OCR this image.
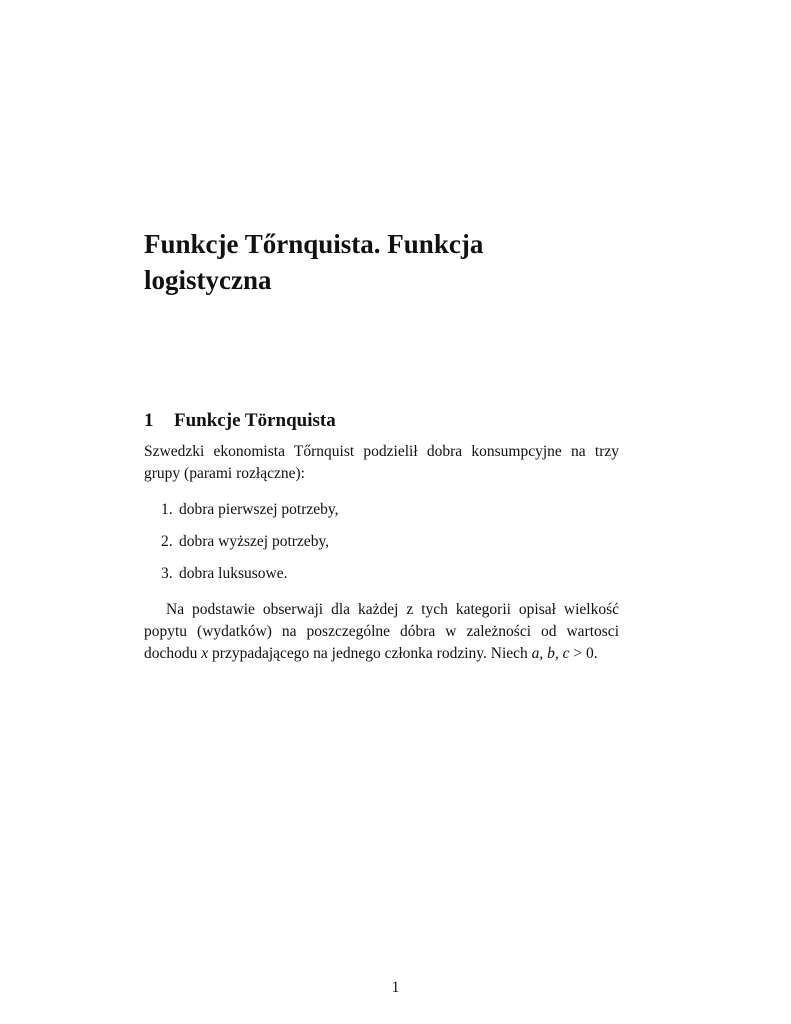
Funkcje Tőrnquista. Funkcja
logistyczna
1	Funkcje Törnquista

Szwedzki ekonomista Tőrnquist podzielił dobra konsumpcyjne na trzy grupy (parami rozłączne):

1. dobra pierwszej potrzeby,
2. dobra wyższej potrzeby,
3. dobra luksusowe.

Na podstawie obserwaji dla każdej z tych kategorii opisał wielkość popytu (wydatków) na poszczególne dóbra w zależności od wartosci dochodu x przypadającego na jednego członka rodziny. Niech a, b, c > 0.

1
